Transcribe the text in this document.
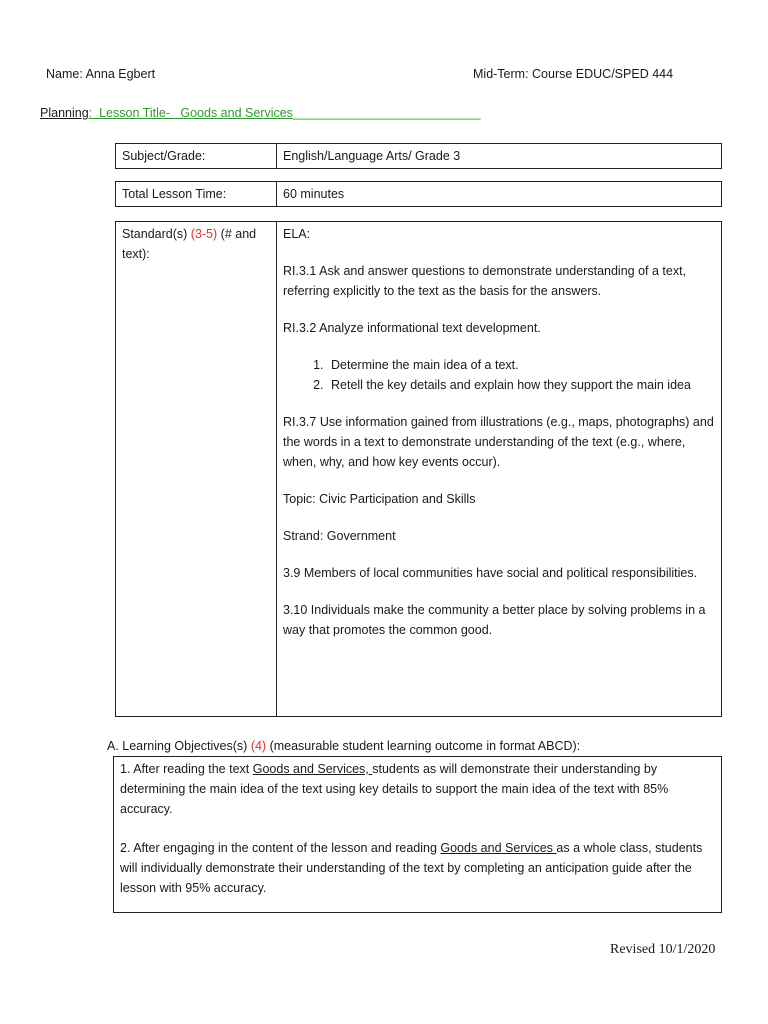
Name: Anna Egbert	Mid-Term: Course EDUC/SPED 444
Planning:  Lesson Title-   Goods and Services___________________________
Subject/Grade:	English/Language Arts/ Grade 3
Total Lesson Time:	60 minutes
Standard(s) (3-5) (# and text):	

ELA:

RI.3.1 Ask and answer questions to demonstrate understanding of a text, referring explicitly to the text as the basis for the answers.

RI.3.2 Analyze informational text development.

1. Determine the main idea of a text.
2. Retell the key details and explain how they support the main idea

RI.3.7 Use information gained from illustrations (e.g., maps, photographs) and the words in a text to demonstrate understanding of the text (e.g., where, when, why, and how key events occur).

Topic: Civic Participation and Skills

Strand: Government

3.9 Members of local communities have social and political responsibilities.

3.10 Individuals make the community a better place by solving problems in a way that promotes the common good.

A. Learning Objectives(s) (4) (measurable student learning outcome in format ABCD):

1. After reading the text Goods and Services, students as will demonstrate their understanding by determining the main idea of the text using key details to support the main idea of the text with 85% accuracy.

2. After engaging in the content of the lesson and reading Goods and Services as a whole class, students will individually demonstrate their understanding of the text by completing an anticipation guide after the lesson with 95% accuracy.

Revised 10/1/2020
